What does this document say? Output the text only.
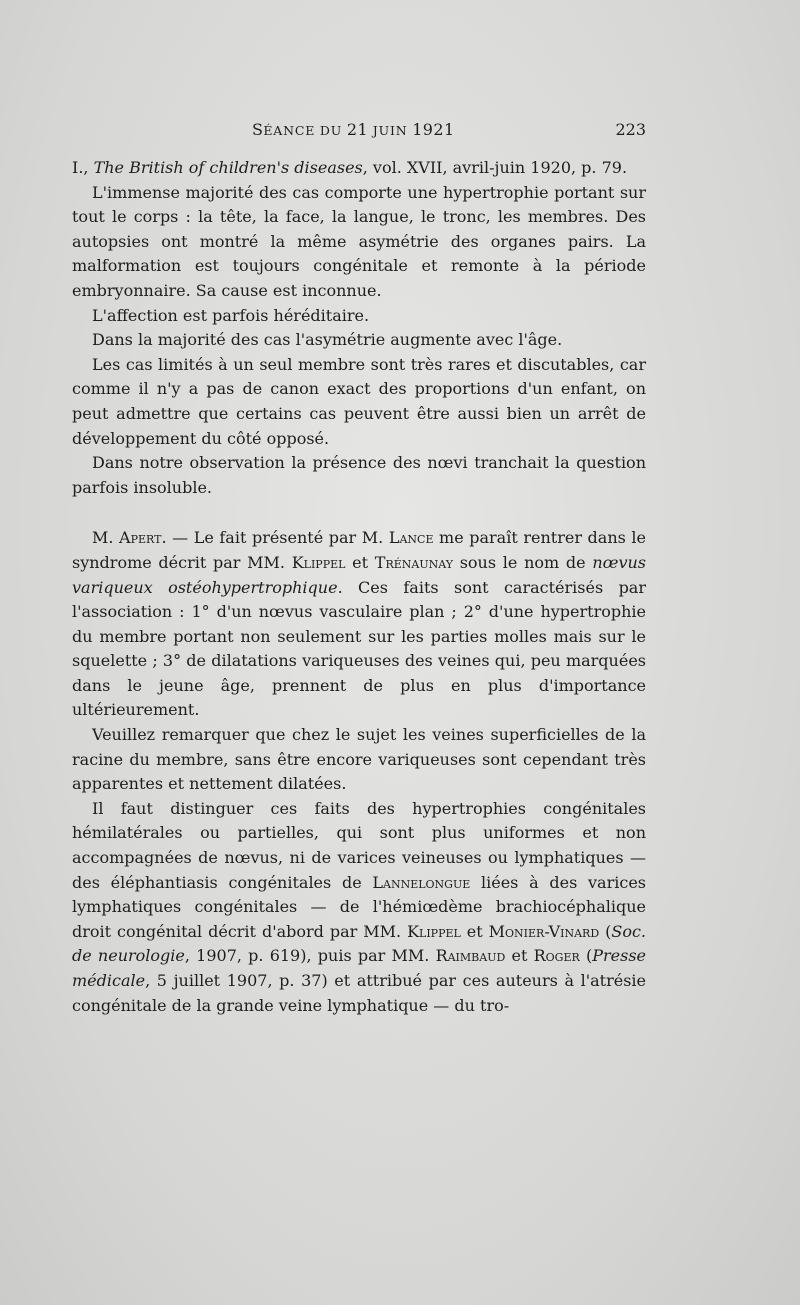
SÉANCE DU 21 JUIN 1921	223

I., The British of children's diseases, vol. XVII, avril-juin 1920, p. 79.

L'immense majorité des cas comporte une hypertrophie portant sur tout le corps : la tête, la face, la langue, le tronc, les membres. Des autopsies ont montré la même asymétrie des organes pairs. La malformation est toujours congénitale et remonte à la période embryonnaire. Sa cause est inconnue.

L'affection est parfois héréditaire.

Dans la majorité des cas l'asymétrie augmente avec l'âge.

Les cas limités à un seul membre sont très rares et discutables, car comme il n'y a pas de canon exact des proportions d'un enfant, on peut admettre que certains cas peuvent être aussi bien un arrêt de développement du côté opposé.

Dans notre observation la présence des nœvi tranchait la question parfois insoluble.

M. Apert. — Le fait présenté par M. Lance me paraît rentrer dans le syndrome décrit par MM. Klippel et Trénaunay sous le nom de nœvus variqueux ostéohypertrophique. Ces faits sont caractérisés par l'association : 1° d'un nœvus vasculaire plan ; 2° d'une hypertrophie du membre portant non seulement sur les parties molles mais sur le squelette ; 3° de dilatations variqueuses des veines qui, peu marquées dans le jeune âge, prennent de plus en plus d'importance ultérieurement.

Veuillez remarquer que chez le sujet les veines superficielles de la racine du membre, sans être encore variqueuses sont cependant très apparentes et nettement dilatées.

Il faut distinguer ces faits des hypertrophies congénitales hémilatérales ou partielles, qui sont plus uniformes et non accompagnées de nœvus, ni de varices veineuses ou lymphatiques — des éléphantiasis congénitales de Lannelongue liées à des varices lymphatiques congénitales — de l'hémiœdème brachiocéphalique droit congénital décrit d'abord par MM. Klippel et Monier-Vinard (Soc. de neurologie, 1907, p. 619), puis par MM. Raimbaud et Roger (Presse médicale, 5 juillet 1907, p. 37) et attribué par ces auteurs à l'atrésie congénitale de la grande veine lymphatique — du tro-
